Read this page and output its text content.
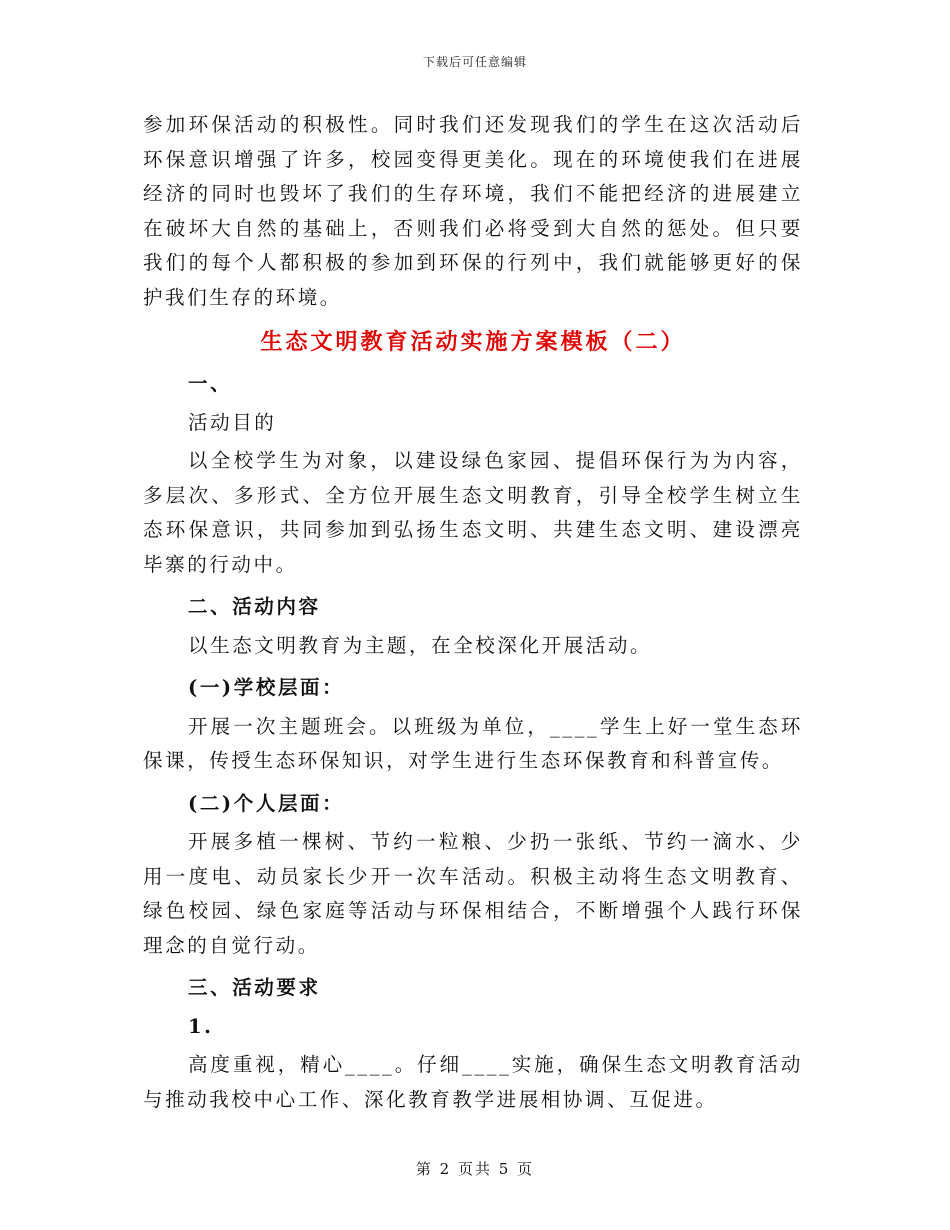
下载后可任意编辑

参加环保活动的积极性。同时我们还发现我们的学生在这次活动后环保意识增强了许多，校园变得更美化。现在的环境使我们在进展经济的同时也毁坏了我们的生存环境，我们不能把经济的进展建立在破坏大自然的基础上，否则我们必将受到大自然的惩处。但只要我们的每个人都积极的参加到环保的行列中，我们就能够更好的保护我们生存的环境。

生态文明教育活动实施方案模板（二）

一、

活动目的

以全校学生为对象，以建设绿色家园、提倡环保行为为内容，多层次、多形式、全方位开展生态文明教育，引导全校学生树立生态环保意识，共同参加到弘扬生态文明、共建生态文明、建设漂亮毕寨的行动中。

二、活动内容

以生态文明教育为主题，在全校深化开展活动。

(一)学校层面：

开展一次主题班会。以班级为单位，____学生上好一堂生态环保课，传授生态环保知识，对学生进行生态环保教育和科普宣传。

(二)个人层面：

开展多植一棵树、节约一粒粮、少扔一张纸、节约一滴水、少用一度电、动员家长少开一次车活动。积极主动将生态文明教育、绿色校园、绿色家庭等活动与环保相结合，不断增强个人践行环保理念的自觉行动。

三、活动要求

1.

高度重视，精心____。仔细____实施，确保生态文明教育活动与推动我校中心工作、深化教育教学进展相协调、互促进。

第 2 页共 5 页
